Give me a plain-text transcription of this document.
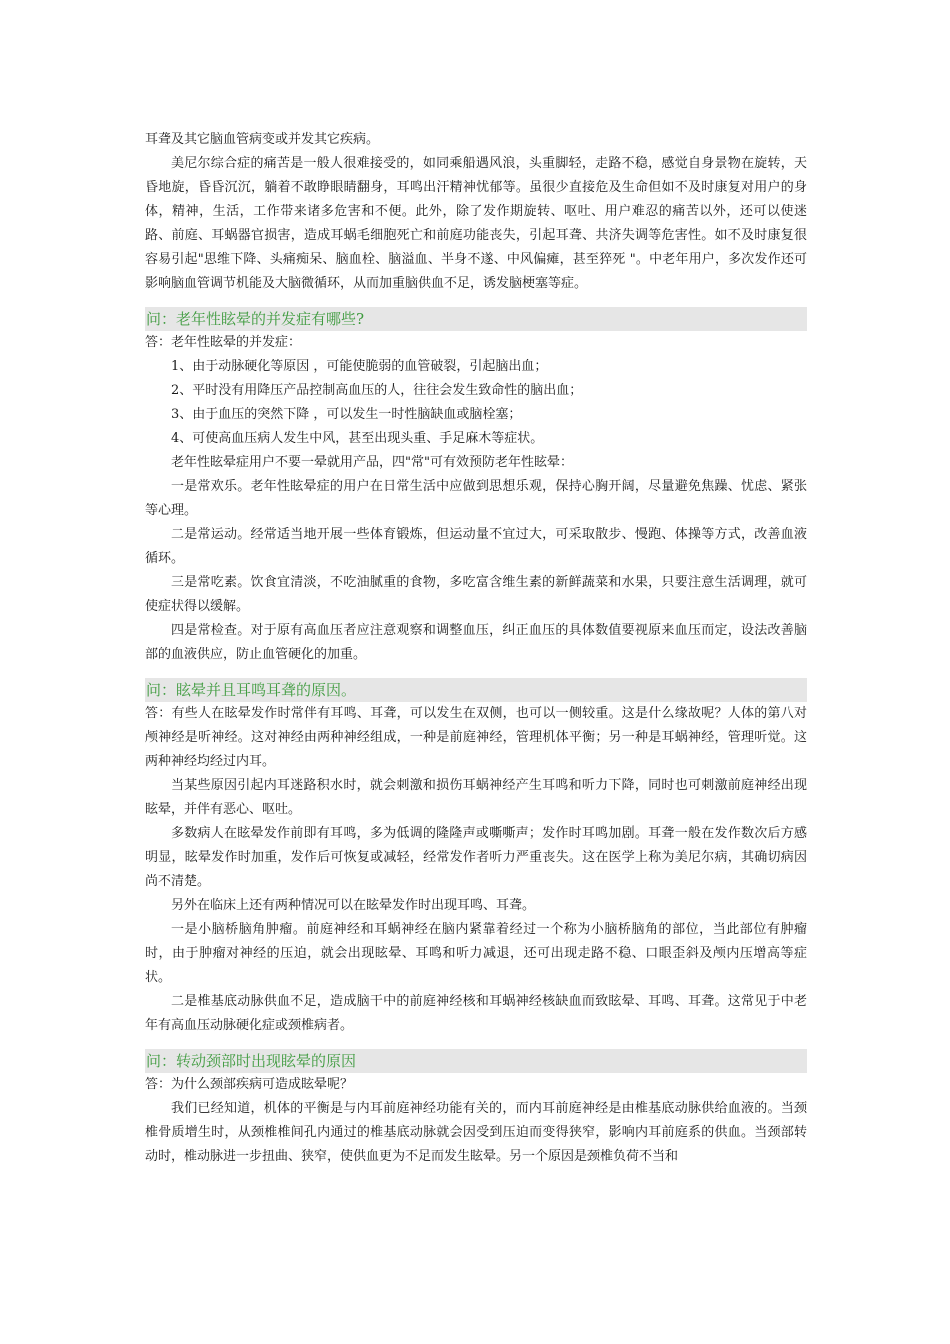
耳聋及其它脑血管病变或并发其它疾病。

美尼尔综合症的痛苦是一般人很难接受的，如同乘船遇风浪，头重脚轻，走路不稳，感觉自身景物在旋转，天昏地旋，昏昏沉沉，躺着不敢睁眼睛翻身，耳鸣出汗精神忧郁等。虽很少直接危及生命但如不及时康复对用户的身体，精神，生活，工作带来诸多危害和不便。此外，除了发作期旋转、呕吐、用户难忍的痛苦以外，还可以使迷路、前庭、耳蜗器官损害，造成耳蜗毛细胞死亡和前庭功能丧失，引起耳聋、共济失调等危害性。如不及时康复很容易引起"思维下降、头痛痴呆、脑血栓、脑溢血、半身不遂、中风偏瘫，甚至猝死 "。中老年用户，多次发作还可影响脑血管调节机能及大脑微循环，从而加重脑供血不足，诱发脑梗塞等症。

问：老年性眩晕的并发症有哪些?

答：老年性眩晕的并发症：

1、由于动脉硬化等原因 ，可能使脆弱的血管破裂，引起脑出血；

2、平时没有用降压产品控制高血压的人，往往会发生致命性的脑出血；

3、由于血压的突然下降 ，可以发生一时性脑缺血或脑栓塞；

4、可使高血压病人发生中风，甚至出现头重、手足麻木等症状。

老年性眩晕症用户不要一晕就用产品，四"常"可有效预防老年性眩晕：

一是常欢乐。老年性眩晕症的用户在日常生活中应做到思想乐观，保持心胸开阔，尽量避免焦躁、忧虑、紧张等心理。

二是常运动。经常适当地开展一些体育锻炼，但运动量不宜过大，可采取散步、慢跑、体操等方式，改善血液循环。

三是常吃素。饮食宜清淡，不吃油腻重的食物，多吃富含维生素的新鲜蔬菜和水果，只要注意生活调理，就可使症状得以缓解。

四是常检查。对于原有高血压者应注意观察和调整血压，纠正血压的具体数值要视原来血压而定，设法改善脑部的血液供应，防止血管硬化的加重。

问：眩晕并且耳鸣耳聋的原因。

答：有些人在眩晕发作时常伴有耳鸣、耳聋，可以发生在双侧，也可以一侧较重。这是什么缘故呢？人体的第八对颅神经是听神经。这对神经由两种神经组成，一种是前庭神经，管理机体平衡；另一种是耳蜗神经，管理听觉。这两种神经均经过内耳。

当某些原因引起内耳迷路积水时，就会刺激和损伤耳蜗神经产生耳鸣和听力下降，同时也可刺激前庭神经出现眩晕，并伴有恶心、呕吐。

多数病人在眩晕发作前即有耳鸣，多为低调的隆隆声或嘶嘶声；发作时耳鸣加剧。耳聋一般在发作数次后方感明显，眩晕发作时加重，发作后可恢复或减轻，经常发作者听力严重丧失。这在医学上称为美尼尔病，其确切病因尚不清楚。

另外在临床上还有两种情况可以在眩晕发作时出现耳鸣、耳聋。

一是小脑桥脑角肿瘤。前庭神经和耳蜗神经在脑内紧靠着经过一个称为小脑桥脑角的部位，当此部位有肿瘤时，由于肿瘤对神经的压迫，就会出现眩晕、耳鸣和听力减退，还可出现走路不稳、口眼歪斜及颅内压增高等症状。

二是椎基底动脉供血不足，造成脑干中的前庭神经核和耳蜗神经核缺血而致眩晕、耳鸣、耳聋。这常见于中老年有高血压动脉硬化症或颈椎病者。

问：转动颈部时出现眩晕的原因

答：为什么颈部疾病可造成眩晕呢？

我们已经知道，机体的平衡是与内耳前庭神经功能有关的，而内耳前庭神经是由椎基底动脉供给血液的。当颈椎骨质增生时，从颈椎椎间孔内通过的椎基底动脉就会因受到压迫而变得狭窄，影响内耳前庭系的供血。当颈部转动时，椎动脉进一步扭曲、狭窄，使供血更为不足而发生眩晕。另一个原因是颈椎负荷不当和
